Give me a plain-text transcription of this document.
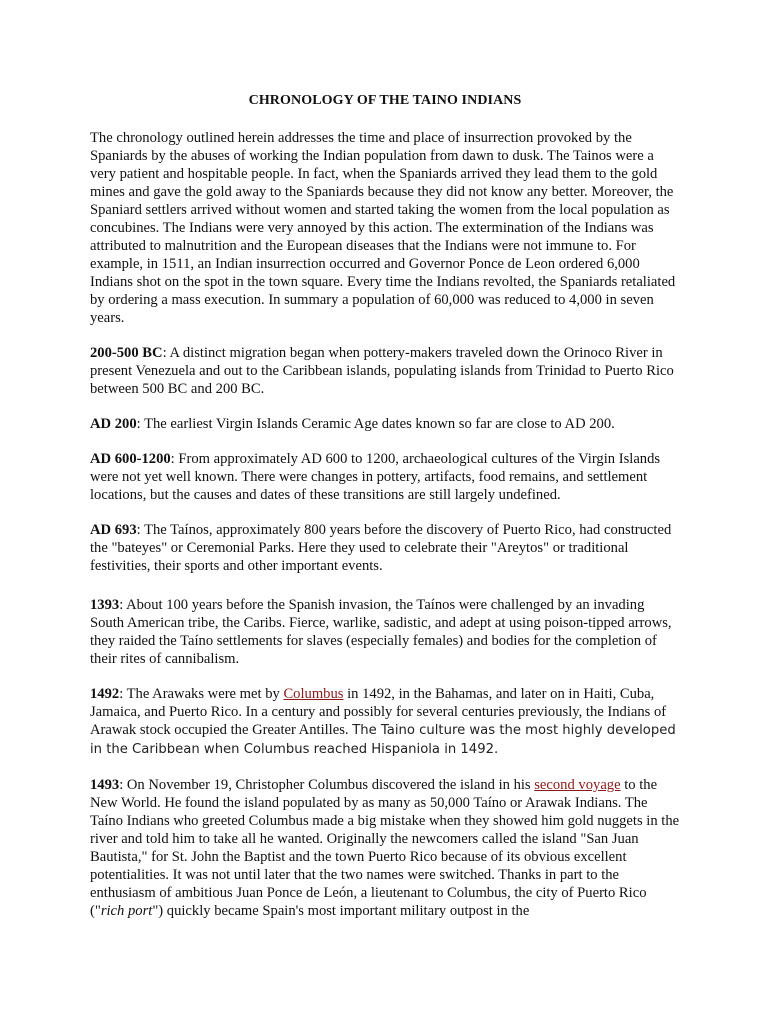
CHRONOLOGY OF THE TAINO INDIANS

The chronology outlined herein addresses the time and place of insurrection provoked by the Spaniards by the abuses of working the Indian population from dawn to dusk. The Tainos were a very patient and hospitable people. In fact, when the Spaniards arrived they lead them to the gold mines and gave the gold away to the Spaniards because they did not know any better. Moreover, the Spaniard settlers arrived without women and started taking the women from the local population as concubines. The Indians were very annoyed by this action. The extermination of the Indians was attributed to malnutrition and the European diseases that the Indians were not immune to. For example, in 1511, an Indian insurrection occurred and Governor Ponce de Leon ordered 6,000 Indians shot on the spot in the town square. Every time the Indians revolted, the Spaniards retaliated by ordering a mass execution. In summary a population of 60,000 was reduced to 4,000 in seven years.

200-500 BC: A distinct migration began when pottery-makers traveled down the Orinoco River in present Venezuela and out to the Caribbean islands, populating islands from Trinidad to Puerto Rico between 500 BC and 200 BC.

AD 200: The earliest Virgin Islands Ceramic Age dates known so far are close to AD 200.

AD 600-1200: From approximately AD 600 to 1200, archaeological cultures of the Virgin Islands were not yet well known. There were changes in pottery, artifacts, food remains, and settlement locations, but the causes and dates of these transitions are still largely undefined.

AD 693: The Taínos, approximately 800 years before the discovery of Puerto Rico, had constructed the "bateyes" or Ceremonial Parks. Here they used to celebrate their "Areytos" or traditional festivities, their sports and other important events.

1393: About 100 years before the Spanish invasion, the Taínos were challenged by an invading South American tribe, the Caribs. Fierce, warlike, sadistic, and adept at using poison-tipped arrows, they raided the Taíno settlements for slaves (especially females) and bodies for the completion of their rites of cannibalism.

1492: The Arawaks were met by Columbus in 1492, in the Bahamas, and later on in Haiti, Cuba, Jamaica, and Puerto Rico. In a century and possibly for several centuries previously, the Indians of Arawak stock occupied the Greater Antilles. The Taino culture was the most highly developed in the Caribbean when Columbus reached Hispaniola in 1492.

1493: On November 19, Christopher Columbus discovered the island in his second voyage to the New World. He found the island populated by as many as 50,000 Taíno or Arawak Indians. The Taíno Indians who greeted Columbus made a big mistake when they showed him gold nuggets in the river and told him to take all he wanted. Originally the newcomers called the island "San Juan Bautista," for St. John the Baptist and the town Puerto Rico because of its obvious excellent potentialities. It was not until later that the two names were switched. Thanks in part to the enthusiasm of ambitious Juan Ponce de León, a lieutenant to Columbus, the city of Puerto Rico ("rich port") quickly became Spain's most important military outpost in the
